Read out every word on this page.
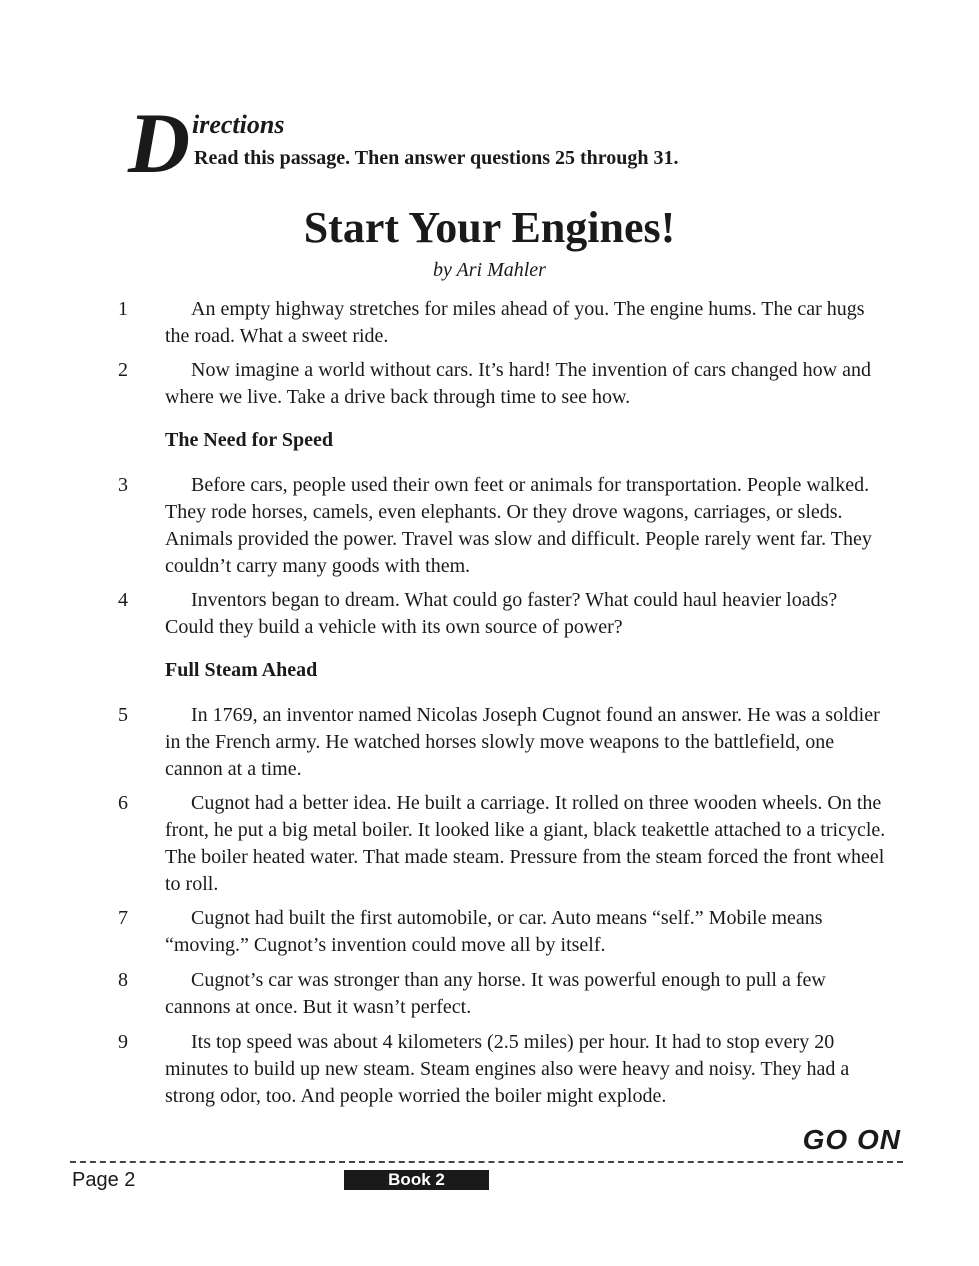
D irections
Read this passage. Then answer questions 25 through 31.
Start Your Engines!
by Ari Mahler
1	An empty highway stretches for miles ahead of you. The engine hums. The car hugs the road. What a sweet ride.
2	Now imagine a world without cars. It’s hard! The invention of cars changed how and where we live. Take a drive back through time to see how.
The Need for Speed
3	Before cars, people used their own feet or animals for transportation. People walked. They rode horses, camels, even elephants. Or they drove wagons, carriages, or sleds. Animals provided the power. Travel was slow and difficult. People rarely went far. They couldn’t carry many goods with them.
4	Inventors began to dream. What could go faster? What could haul heavier loads? Could they build a vehicle with its own source of power?
Full Steam Ahead
5	In 1769, an inventor named Nicolas Joseph Cugnot found an answer. He was a soldier in the French army. He watched horses slowly move weapons to the battlefield, one cannon at a time.
6	Cugnot had a better idea. He built a carriage. It rolled on three wooden wheels. On the front, he put a big metal boiler. It looked like a giant, black teakettle attached to a tricycle. The boiler heated water. That made steam. Pressure from the steam forced the front wheel to roll.
7	Cugnot had built the first automobile, or car. Auto means “self.” Mobile means “moving.” Cugnot’s invention could move all by itself.
8	Cugnot’s car was stronger than any horse. It was powerful enough to pull a few cannons at once. But it wasn’t perfect.
9	Its top speed was about 4 kilometers (2.5 miles) per hour. It had to stop every 20 minutes to build up new steam. Steam engines also were heavy and noisy. They had a strong odor, too. And people worried the boiler might explode.
GO ON
Page 2	Book 2
